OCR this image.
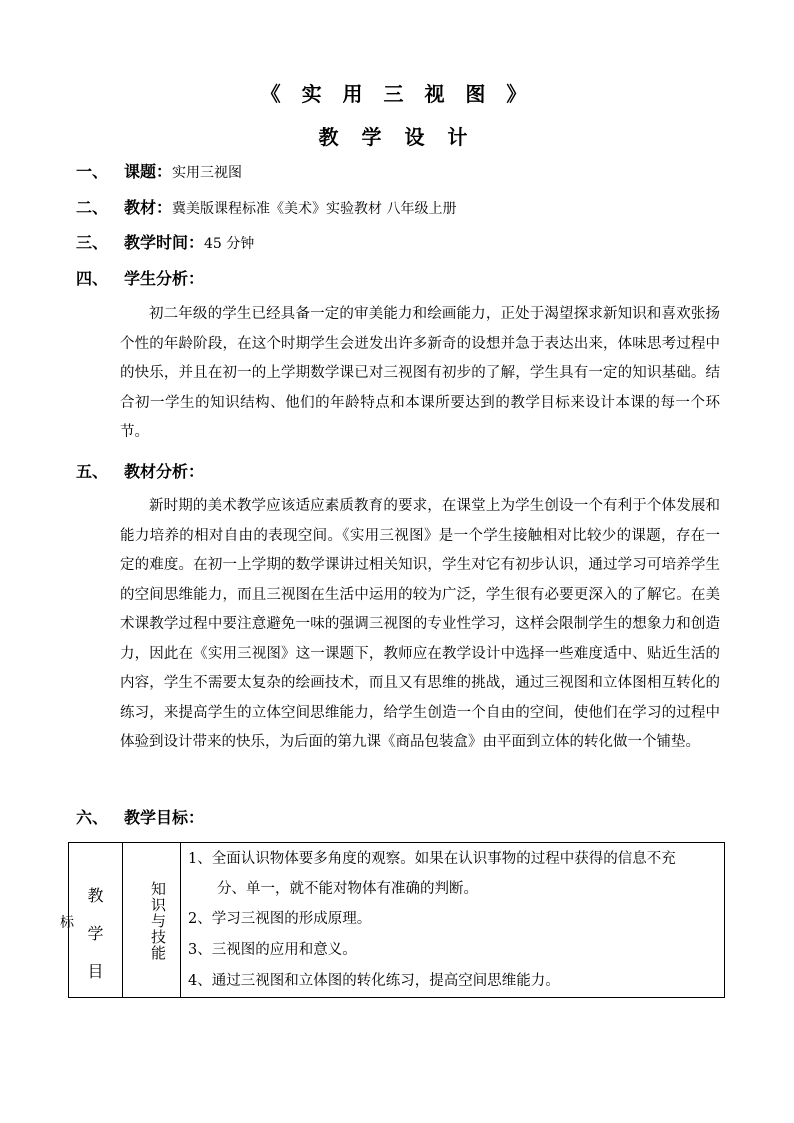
《 实 用 三 视 图 》
教 学 设 计
一、 课题：实用三视图
二、 教材：冀美版课程标准《美术》实验教材 八年级上册
三、 教学时间：45 分钟
四、 学生分析：
初二年级的学生已经具备一定的审美能力和绘画能力，正处于渴望探求新知识和喜欢张扬个性的年龄阶段，在这个时期学生会迸发出许多新奇的设想并急于表达出来，体味思考过程中的快乐，并且在初一的上学期数学课已对三视图有初步的了解，学生具有一定的知识基础。结合初一学生的知识结构、他们的年龄特点和本课所要达到的教学目标来设计本课的每一个环节。
五、 教材分析：
新时期的美术教学应该适应素质教育的要求，在课堂上为学生创设一个有利于个体发展和能力培养的相对自由的表现空间。《实用三视图》是一个学生接触相对比较少的课题，存在一定的难度。在初一上学期的数学课讲过相关知识，学生对它有初步认识，通过学习可培养学生的空间思维能力，而且三视图在生活中运用的较为广泛，学生很有必要更深入的了解它。在美术课教学过程中要注意避免一味的强调三视图的专业性学习，这样会限制学生的想象力和创造力，因此在《实用三视图》这一课题下，教师应在教学设计中选择一些难度适中、贴近生活的内容，学生不需要太复杂的绘画技术，而且又有思维的挑战，通过三视图和立体图相互转化的练习，来提高学生的立体空间思维能力，给学生创造一个自由的空间，使他们在学习的过程中体验到设计带来的快乐，为后面的第九课《商品包装盒》由平面到立体的转化做一个铺垫。
六、 教学目标：
标
教
学
目
知识与技能
1、全面认识物体要多角度的观察。如果在认识事物的过程中获得的信息不充
分、单一，就不能对物体有准确的判断。
2、学习三视图的形成原理。
3、三视图的应用和意义。
4、通过三视图和立体图的转化练习，提高空间思维能力。
